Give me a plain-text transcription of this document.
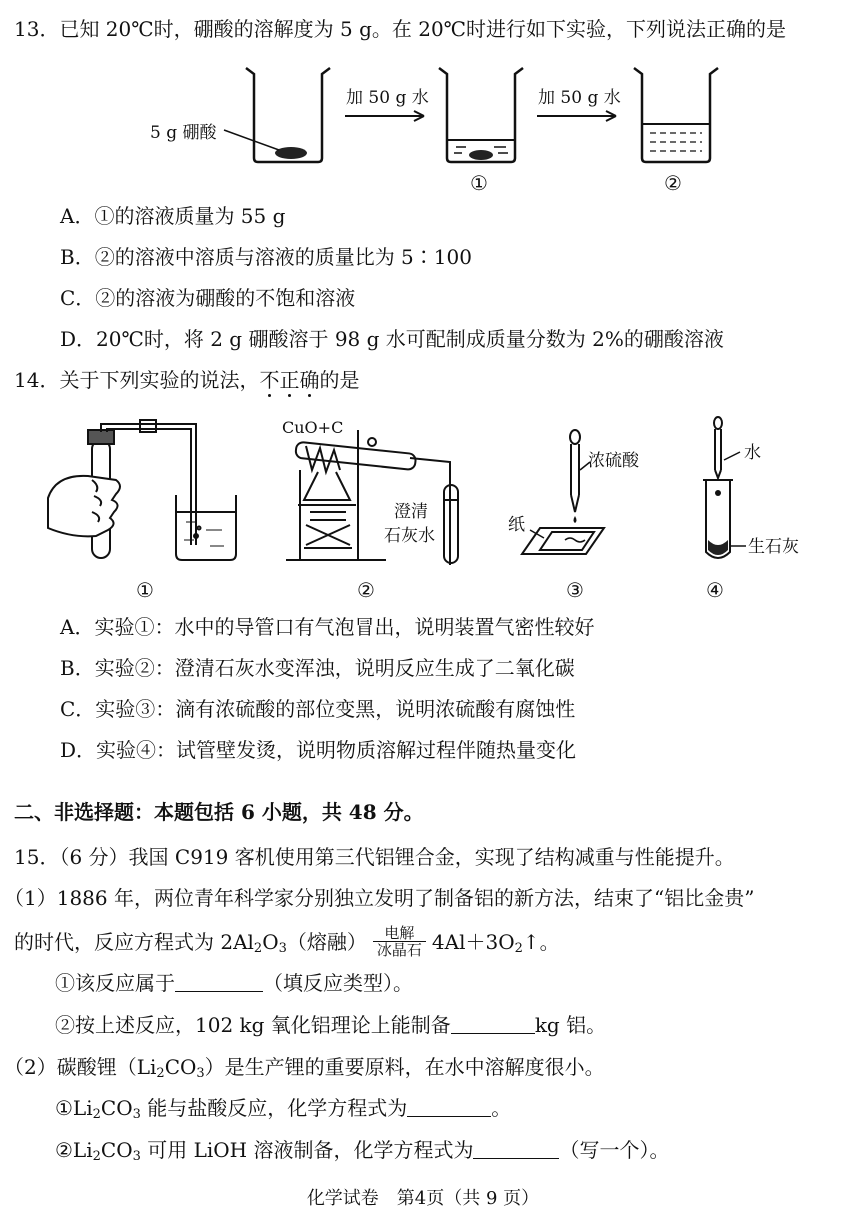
13．已知 20℃时，硼酸的溶解度为 5 g。在 20℃时进行如下实验，下列说法正确的是
5 g 硼酸
加 50 g 水
①
加 50 g 水
②
A．①的溶液质量为 55 g
B．②的溶液中溶质与溶液的质量比为 5∶100
C．②的溶液为硼酸的不饱和溶液
D．20℃时，将 2 g 硼酸溶于 98 g 水可配制成质量分数为 2%的硼酸溶液
14．关于下列实验的说法，不正确的是
①
CuO+C
澄清
石灰水
②
浓硫酸
纸
③
水
生石灰
④
A．实验①：水中的导管口有气泡冒出，说明装置气密性较好
B．实验②：澄清石灰水变浑浊，说明反应生成了二氧化碳
C．实验③：滴有浓硫酸的部位变黑，说明浓硫酸有腐蚀性
D．实验④：试管壁发烫，说明物质溶解过程伴随热量变化
二、非选择题：本题包括 6 小题，共 48 分。
15．（6 分）我国 C919 客机使用第三代铝锂合金，实现了结构减重与性能提升。
（1）1886 年，两位青年科学家分别独立发明了制备铝的新方法，结束了“铝比金贵”
的时代，反应方程式为 $2Al_2O_3$（熔融） $\frac{\text{电解}}{\text{冰晶石}}$ $4Al+3O_2↑$。
①该反应属于	（填反应类型）。
②按上述反应，102 kg 氧化铝理论上能制备	kg 铝。
（2）碳酸锂$(Li_2CO_3)$是生产锂的重要原料，在水中溶解度很小。
$①Li_2CO_3$ 能与盐酸反应，化学方程式为	。
$②Li_2CO_3$ 可用 LiOH 溶液制备，化学方程式为	（写一个）。
化学试卷　第4页（共 9 页）
